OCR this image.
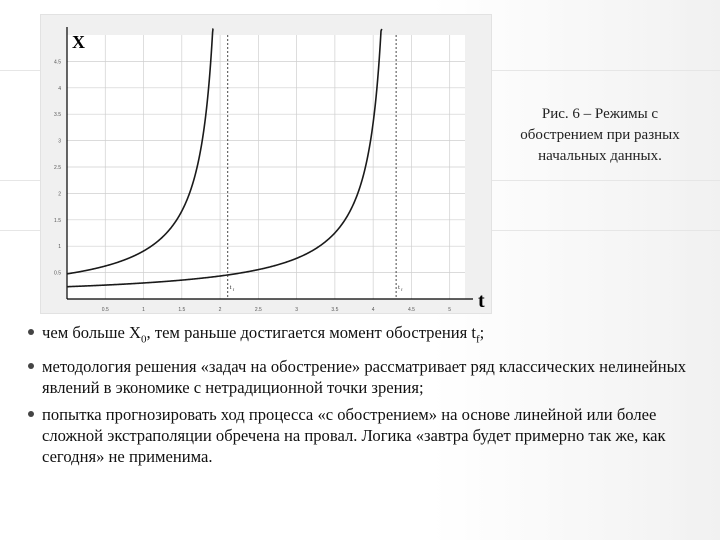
0.5	1	1.5	2	2.5	3	3.5	4	4.5	5
0.5
1
1.5
2
2.5
3
3.5
4
4.5
t
X
t f	t f
Рис. 6 – Режимы с
обострением при разных
начальных данных.
чем больше $X_0$, тем раньше достигается момент обострения $t_f$;
методология решения «задач на обострение» рассматривает ряд классических нелинейных явлений в экономике с нетрадиционной точки зрения;
попытка прогнозировать ход процесса «с обострением» на основе линейной или более сложной экстраполяции обречена на провал. Логика «завтра будет примерно так же, как сегодня» не применима.
